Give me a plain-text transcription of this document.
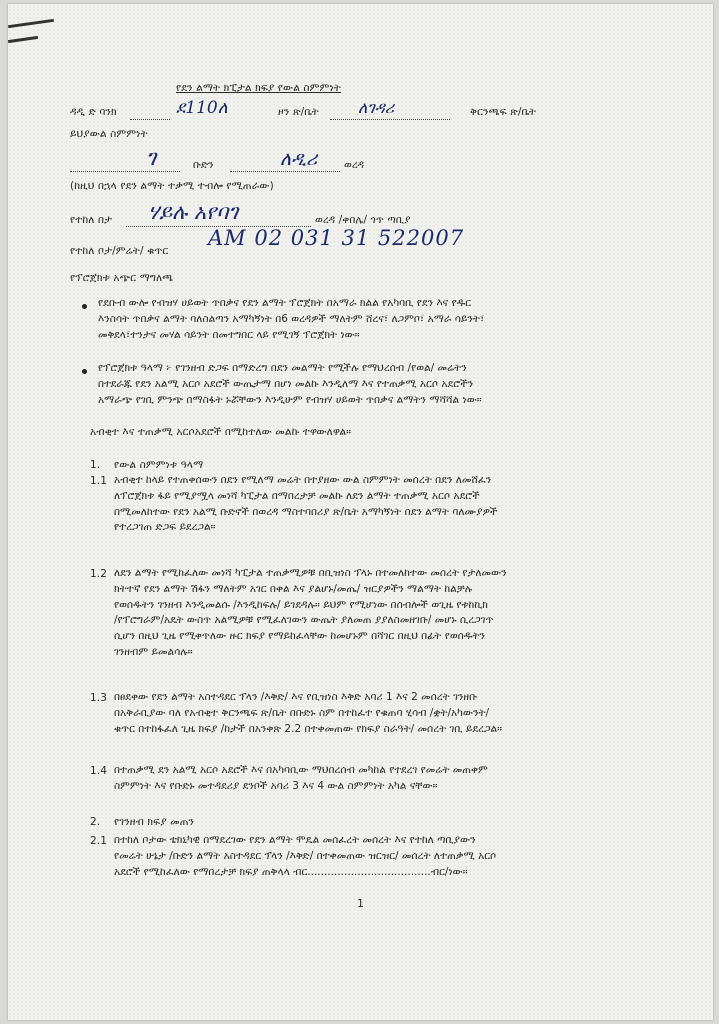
የደን ልማት ክፒታል ክፍያ የውል ስምምነት
ዳዲ ድ ባንክ	ደ110ለ	ዞን ጽ/ቤት ለገዳሪ	ቅርንጫፍ ጽ/ቤት
ይህያውል ስምምነት
ገ	ቡድን	ለዲሪ	ወረዳ
(ከዚህ በኋላ የደን ልማት ተቃሚ ተብሎ የሚጠራው)
የተከለ በታ ሃይሉ አየባገ	ወረዳ /ቀበሌ/ ጎጥ ጣቢያ
የተከለ ቦታ/ምሬት/ ቁጥር
AM 02 031 31 522007
የፕሮጀክቱ አጭር ማግለጫ
የደቡብ ውሎ የብዝሃ ሀይወት ጥበቃና የደን ልማት ፕሮጀክት በአማራ ክልል የአካባቢ የደን እና የዱር
እንስሳት ጥበቃና ልማት ባለስልጣን አማካኝነት በ6 ወረዳዎች ማለትም ሸረና፣ ለጋምቦ፣ አማራ ሳይንት፣
መቅደላ፣ተንታና መሃል ሳይንት በመተግበር ላይ የሚገኝ ፕሮጀክት ነው።
የፕሮጀክቱ ዓላማ ፦ የገንዘብ ድጋፍ በማድረግ በደን መልማት የሚችሉ የማህረሰብ /የወል/ መሬትን
በተደራጁ የደን አልሚ አርሶ አደሮች ውጤታማ በሆነ መልኩ እንዲለማ እና የተጠቃሚ አርሶ አደሮችን
አማራጭ የገቢ ምንጭ በማስፋት ኑሯቸውን እንዲሁም የብዝሃ ሀይወት ጥበቃና ልማትን ማሻሻል ነው።
አብቂተ እና ተጠቃሚ አርሶአደሮች በሚከተለው መልኩ ተዋውለዋል።
1. የውል ስምምነቱ ዓላማ
1.1 አብቂተ ከላይ የተጠቀሰውን በደን የሚለማ መሬት በተያዘው ውል ስምምነት መሰረት በደን ለመሸፈን
ለፕሮጀክቱ ፋይ የሚያሟላ መነሻ ካፒታል በማበረታቻ መልኩ ለደን ልማት ተጠቃሚ አርሶ አደሮች
በሚመለከተው የደን አልሚ ቡድኖች በወረዳ ማስተባበሪያ ጽ/ቤት አማካኝነት በደን ልማት ባለሙያዎች
የተረጋገጠ ድጋፍ ይደረጋል።
1.2 ለደን ልማት የሚከፈለው መነሻ ካፒታል ተጠቃሚዎቹ በቢዝነስ ፕላኑ በተመለከተው መሰረት የታለመውን
ክትተኛ የደን ልማት ሽፋን ማለትም አገር በቀል እና ያልሆኑ/መጤ/ ዝርያዎችን ማልማት ከልቻሉ
የወሰዱትን ገንዘብ እንዲመልሱ /እንዲከፍሉ/ ይገደዳሉ። ይህም የሚሆነው በሰብሎች ወጊዜ የቱከኪክ
/የፕሮግራም/አዴት ውስጥ አልሚዎቹ የሚፈለገውን ውጤት ያለመጠ ያያለስመዘገቡ/ መሆኑ ሲረጋገጥ
ሲሆን በዚህ ጊዜ የሚቀጥለው ዙር ክፍያ የማይከፈላቸው ከመሆኑም በሻገር በዚህ በፊት የወሰዱትን
ገንዘብም ይመልሳሉ።
1.3 በፀደቀው የደን ልማት አስተዳደር ፕላን /እቅድ/ እና የቢዝነስ እቅድ አባሪ 1 እና 2 መሰረት ገንዘቡ
በአቅራቢያው ባለ የአብቂተ ቅርንጫፍ ጽ/ቤት በቡድኑ ስም በተከፈተ የቁጠባ ሂሳብ /ቋት/አካውንት/
ቁጥር በተከፋፈለ ጊዜ ክፍያ /ከታች በአንቀጽ 2.2 በተቀመጠው የክፍያ ስራዓት/ መሰረት ገቢ ይደረጋል።
1.4 በተጠቃሚ ደን አልሚ አርሶ አደሮች እና በአካባቢው ማህበረሰብ መካከል የተደረገ የመሬት መጠቀም
ስምምነት እና የቡድኑ መተዳደሪያ ደንቦች አባሪ 3 እና 4 ውል ስምምነት አካል ናቸው።
2. የገንዘብ ክፍያ መጠን
2.1 በተከለ ቦታው ቴክኒካዊ በማደረገው የደን ልማት ሞዴል መሰፈረት መሰረት እና የተከለ ጣቢያውን
የመሬት ሁኔታ /ቡድን ልማት አስተዳደር ፕላን /እቅድ/ በተቀመጠው ዝርዝር/ መሰረት ለተጠቃሚ አርሶ
አደሮች የሚከፈለው የማበረታቻ ክፍያ ጠቅላላ ብር.....................................ብር/ነው።
1
